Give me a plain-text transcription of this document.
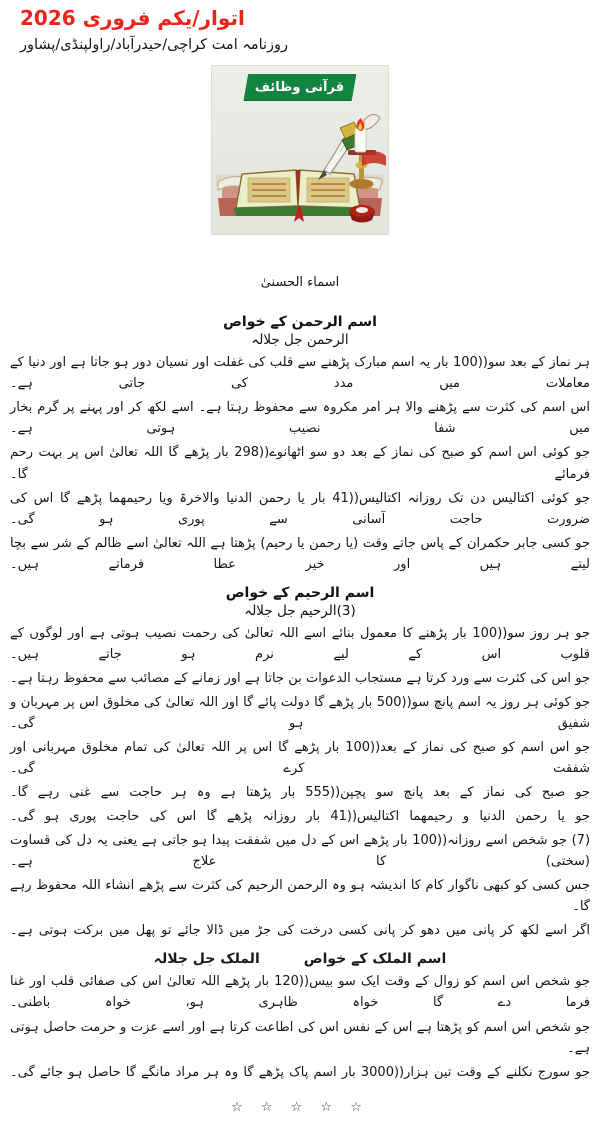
اتوار/یکم فروری 2026
روزنامہ امت کراچی/حیدرآباد/راولپنڈی/پشاور
قرآنی وظائف
اسماء الحسنیٰ
اسم الرحمن کے خواص
الرحمن جل جلالہ

ہر نماز کے بعد سو((100 بار یہ اسم مبارک پڑھنے سے قلب کی غفلت اور نسیان دور ہو جاتا ہے اور دنیا کے معاملات میں مدد کی جاتی ہے۔

اس اسم کی کثرت سے پڑھنے والا ہر امر مکروہ سے محفوظ رہتا ہے۔ اسے لکھ کر اور پہنے پر گرم بخار میں شفا نصیب ہوتی ہے۔

جو کوئی اس اسم کو صبح کی نماز کے بعد دو سو اٹھانوے((298 بار پڑھے گا اللہ تعالیٰ اس پر بہت رحم فرمائے گا۔

جو کوئی اکتالیس دن تک روزانہ اکتالیس((41 بار یا رحمن الدنیا والاخرۃ ویا رحیمھما پڑھے گا اس کی ضرورت حاجت آسانی سے پوری ہو گی۔

جو کسی جابر حکمران کے پاس جاتے وقت (یا رحمن یا رحیم) پڑھتا ہے اللہ تعالیٰ اسے ظالم کے شر سے بچا لیتے ہیں اور خیر عطا فرماتے ہیں۔

اسم الرحیم کے خواص
(3)الرحیم جل جلالہ

جو ہر روز سو((100 بار پڑھنے کا معمول بنائے اسے اللہ تعالیٰ کی رحمت نصیب ہوتی ہے اور لوگوں کے قلوب اس کے لیے نرم ہو جاتے ہیں۔

جو اس کی کثرت سے ورد کرتا ہے مستجاب الدعوات بن جاتا ہے اور زمانے کے مصائب سے محفوظ رہتا ہے۔

جو کوئی ہر روز یہ اسم پانچ سو((500 بار پڑھے گا دولت پائے گا اور اللہ تعالیٰ کی مخلوق اس پر مہربان و شفیق ہو گی۔

جو اس اسم کو صبح کی نماز کے بعد((100 بار پڑھے گا اس پر اللہ تعالیٰ کی تمام مخلوق مہربانی اور شفقت کرے گی۔

جو صبح کی نماز کے بعد پانچ سو پچپن((555 بار پڑھتا ہے وہ ہر حاجت سے غنی رہے گا۔

جو یا رحمن الدنیا و رحیمھما اکتالیس((41 بار روزانہ پڑھے گا اس کی حاجت پوری ہو گی۔

(7) جو شخص اسے روزانہ((100 بار پڑھے اس کے دل میں شفقت پیدا ہو جاتی ہے یعنی یہ دل کی قساوت (سختی) کا علاج ہے۔

جس کسی کو کبھی ناگوار کام کا اندیشہ ہو وہ الرحمن الرحیم کی کثرت سے پڑھے انشاء اللہ محفوظ رہے گا۔

اگر اسے لکھ کر پانی میں دھو کر پانی کسی درخت کی جڑ میں ڈالا جائے تو پھل میں برکت ہوتی ہے۔

اسم الملک کے خواص
الملک جل جلالہ

جو شخص اس اسم کو زوال کے وقت ایک سو بیس((120 بار پڑھے اللہ تعالیٰ اس کی صفائی قلب اور غنا فرما دے گا خواہ ظاہری ہو، خواہ باطنی۔

جو شخص اس اسم کو پڑھتا ہے اس کے نفس اس کی اطاعت کرتا ہے اور اسے عزت و حرمت حاصل ہوتی ہے۔

جو سورج نکلنے کے وقت تین ہزار((3000 بار اسم پاک پڑھے گا وہ ہر مراد مانگے گا حاصل ہو جائے گی۔

☆ ☆ ☆ ☆ ☆
